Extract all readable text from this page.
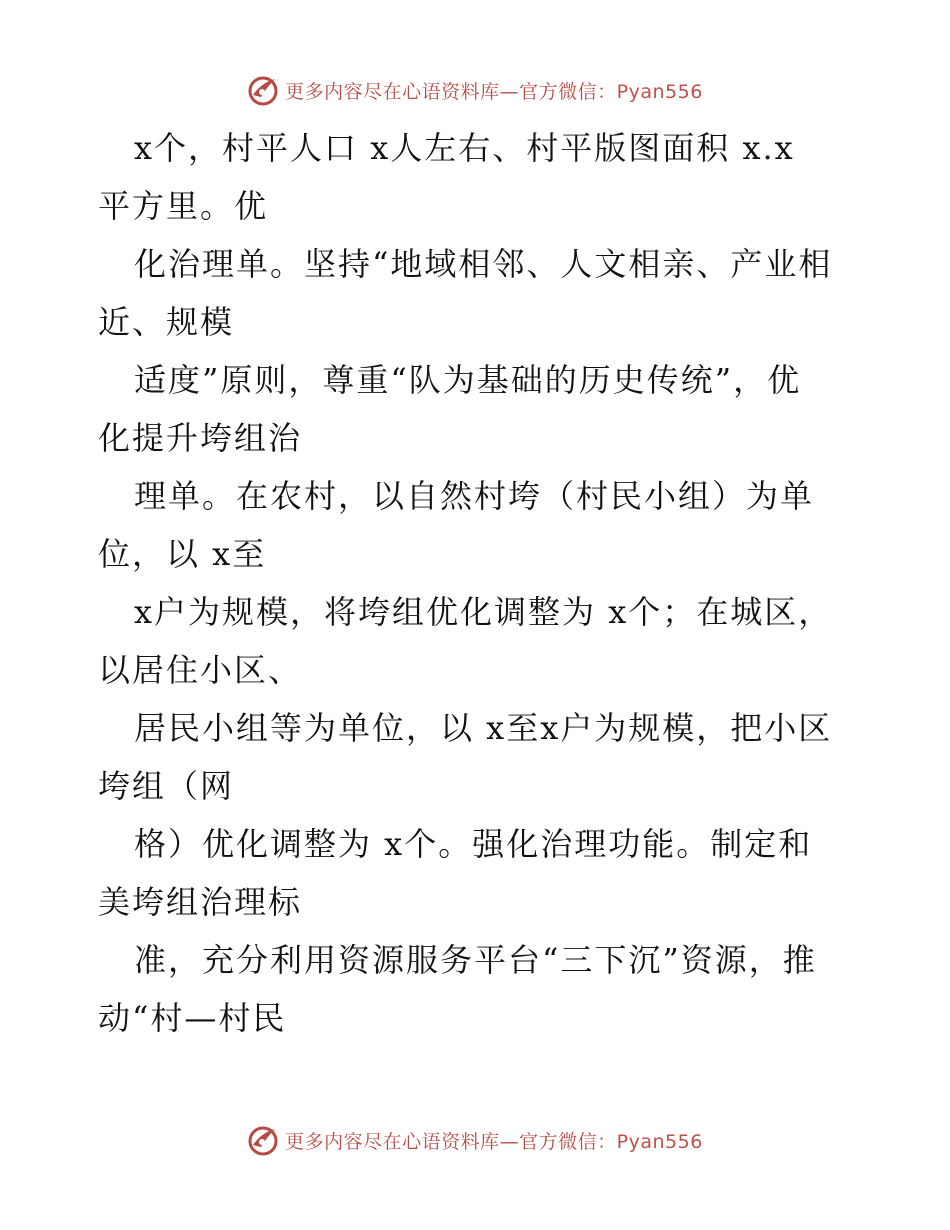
更多内容尽在心语资料库—官方微信：Pyan556
x个，村平人口 x人左右、村平版图面积 x.x
平方里。优
化治理单。坚持“地域相邻、人文相亲、产业相
近、规模
适度”原则，尊重“队为基础的历史传统”，优
化提升垮组治
理单。在农村，以自然村垮（村民小组）为单
位，以 x至
x户为规模，将垮组优化调整为 x个；在城区，
以居住小区、
居民小组等为单位，以 x至x户为规模，把小区
垮组（网
格）优化调整为 x个。强化治理功能。制定和
美垮组治理标
准，充分利用资源服务平台“三下沉”资源，推
动“村—村民
更多内容尽在心语资料库—官方微信：Pyan556
